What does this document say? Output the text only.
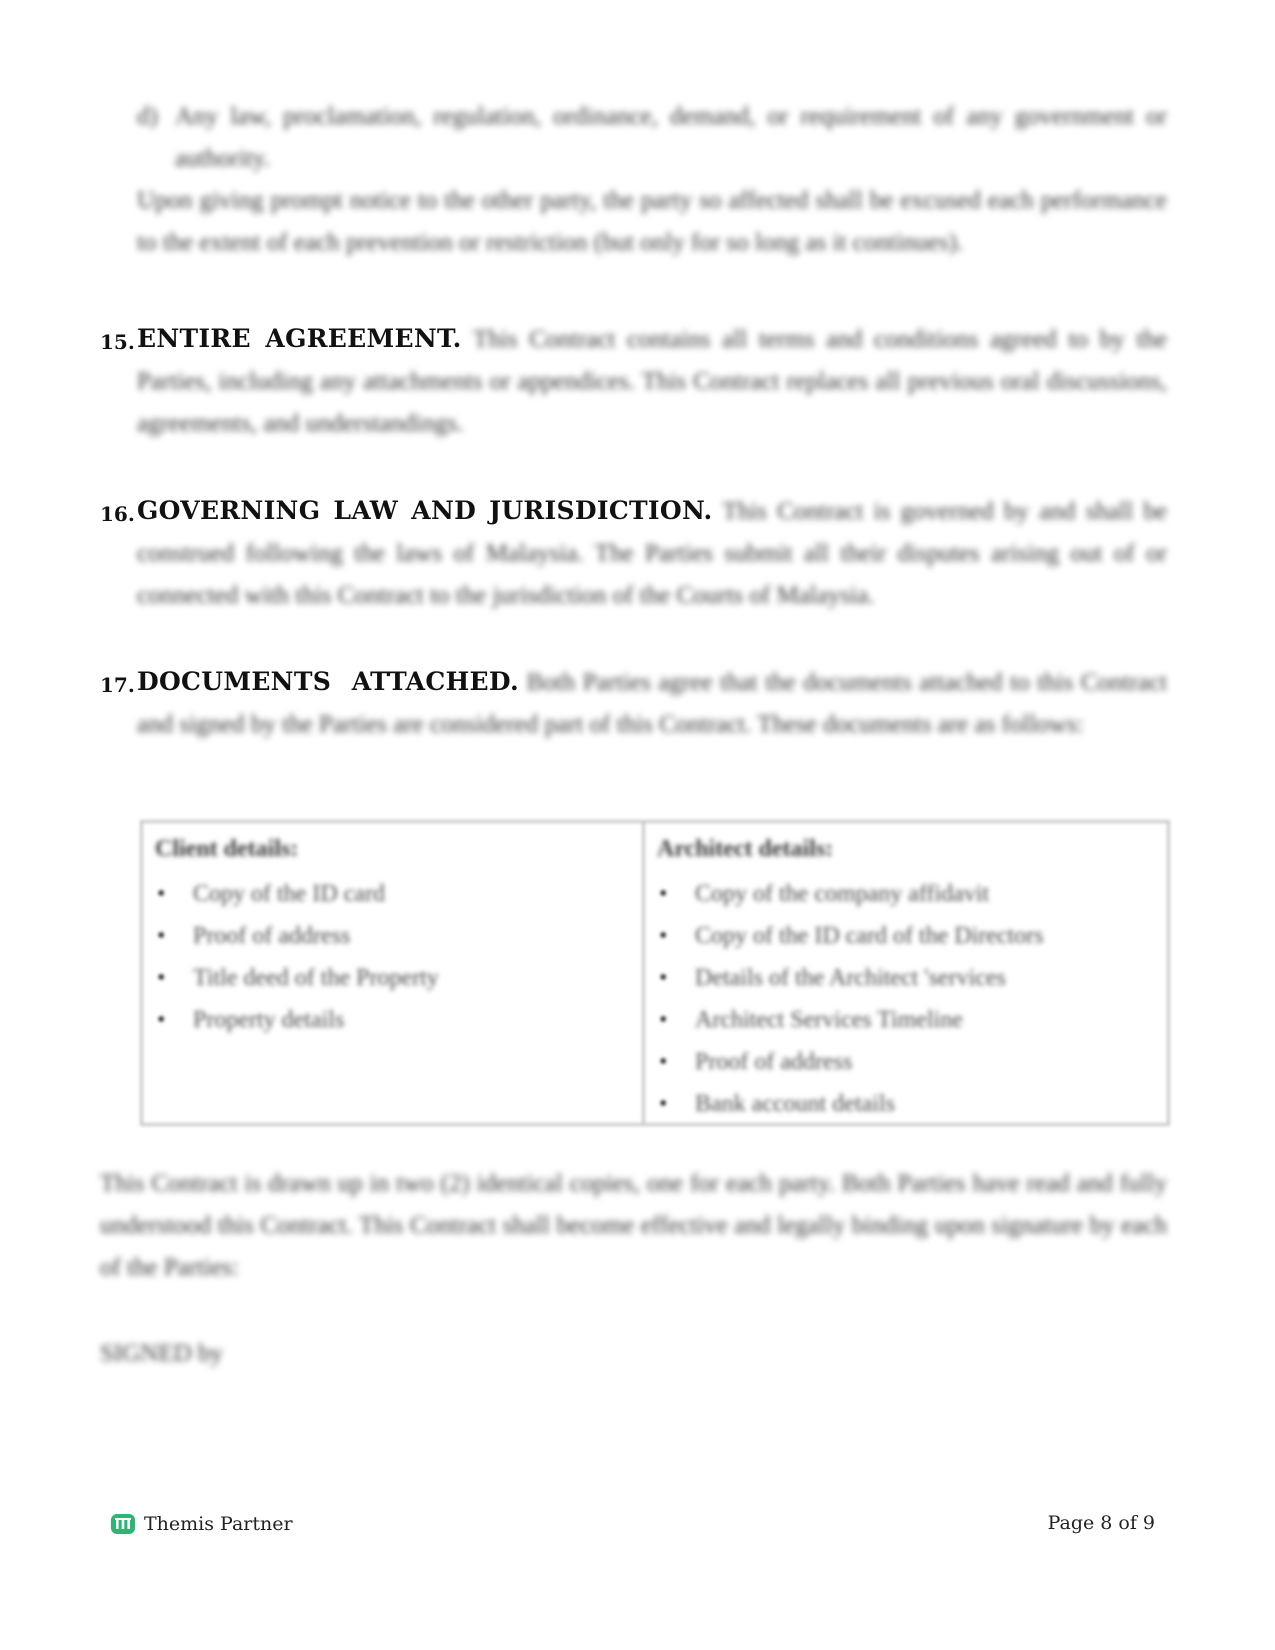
d) Any law, proclamation, regulation, ordinance, demand, or requirement of any government or authority.
Upon giving prompt notice to the other party, the party so affected shall be excused each performance to the extent of each prevention or restriction (but only for so long as it continues).
15. ENTIRE AGREEMENT. This Contract contains all terms and conditions agreed to by the Parties, including any attachments or appendices. This Contract replaces all previous oral discussions, agreements, and understandings.
16. GOVERNING LAW AND JURISDICTION. This Contract is governed by and shall be construed following the laws of Malaysia. The Parties submit all their disputes arising out of or connected with this Contract to the jurisdiction of the Courts of Malaysia.
17. DOCUMENTS  ATTACHED. Both Parties agree that the documents attached to this Contract and signed by the Parties are considered part of this Contract. These documents are as follows:
Client details:
• Copy of the ID card
• Proof of address
• Title deed of the Property
• Property details
Architect details:
• Copy of the company affidavit
• Copy of the ID card of the Directors
• Details of the Architect 'services
• Architect Services Timeline
• Proof of address
• Bank account details
This Contract is drawn up in two (2) identical copies, one for each party. Both Parties have read and fully understood this Contract. This Contract shall become effective and legally binding upon signature by each of the Parties:
SIGNED by
Themis Partner	Page 8 of 9
